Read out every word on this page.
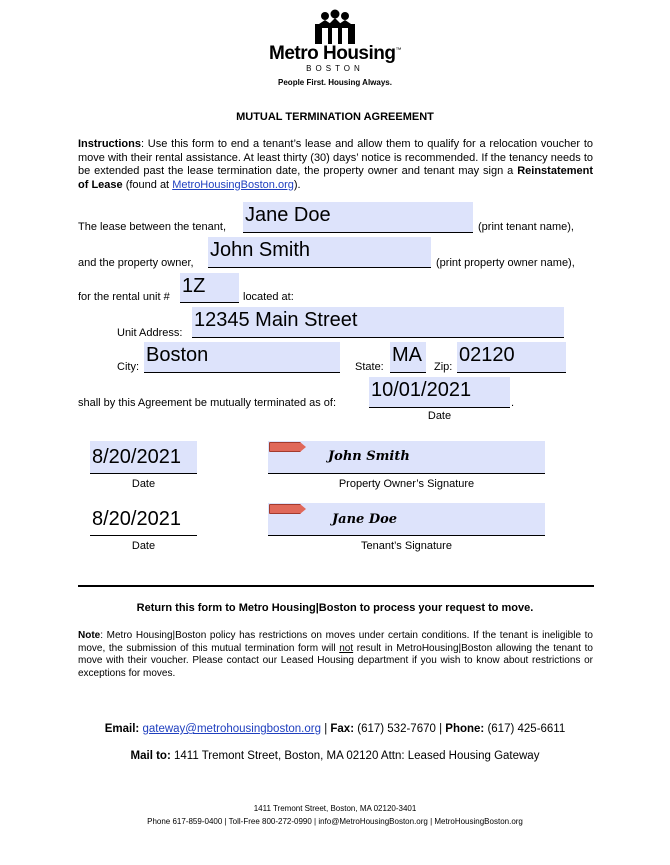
Metro Housing™
BOSTON
People First. Housing Always.
MUTUAL TERMINATION AGREEMENT
Instructions: Use this form to end a tenant’s lease and allow them to qualify for a relocation voucher to move with their rental assistance. At least thirty (30) days’ notice is recommended. If the tenancy needs to be extended past the lease termination date, the property owner and tenant may sign a Reinstatement of Lease (found at MetroHousingBoston.org).
The lease between the tenant,
Jane Doe
(print tenant name),
and the property owner,
John Smith
(print property owner name),
for the rental unit # 1Z	located at:
Unit Address:
12345 Main Street
City:
Boston
State:
MA
Zip:
02120
shall by this Agreement be mutually terminated as of:
10/01/2021
.
Date
8/20/2021
Date
John Smith
Property Owner’s Signature
8/20/2021
Date
Jane Doe
Tenant’s Signature
Return this form to Metro Housing|Boston to process your request to move.
Note: Metro Housing|Boston policy has restrictions on moves under certain conditions. If the tenant is ineligible to move, the submission of this mutual termination form will not result in MetroHousing|Boston allowing the tenant to move with their voucher. Please contact our Leased Housing department if you wish to know about restrictions or exceptions for moves.
Email: gateway@metrohousingboston.org | Fax: (617) 532-7670 | Phone: (617) 425-6611
Mail to: 1411 Tremont Street, Boston, MA 02120 Attn: Leased Housing Gateway
1411 Tremont Street, Boston, MA 02120-3401
Phone 617-859-0400 | Toll-Free 800-272-0990 | info@MetroHousingBoston.org | MetroHousingBoston.org
